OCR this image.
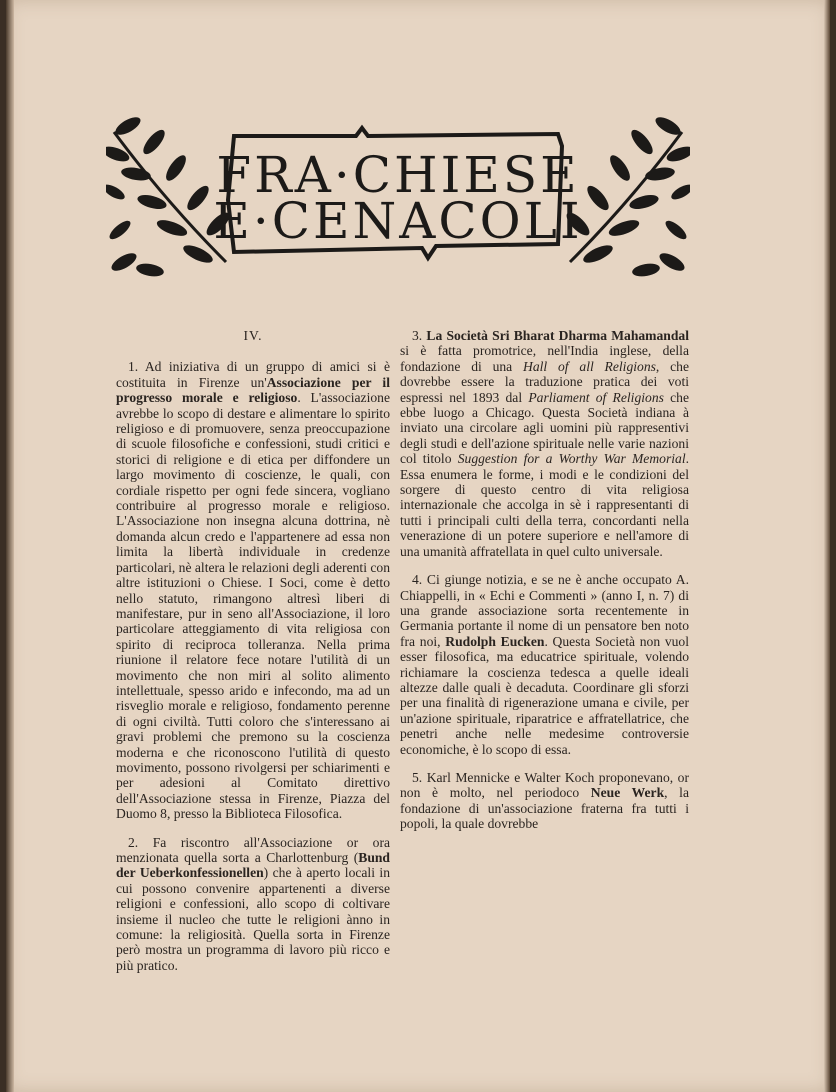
FRA·CHIESE
E·CENACOLI
IV.

1. Ad iniziativa di un gruppo di amici si è costituita in Firenze un'Associazione per il progresso morale e religioso. L'associazione avrebbe lo scopo di destare e alimentare lo spirito religioso e di promuovere, senza preoccupazione di scuole filosofiche e confessioni, studi critici e storici di religione e di etica per diffondere un largo movimento di coscienze, le quali, con cordiale rispetto per ogni fede sincera, vogliano contribuire al progresso morale e religioso. L'Associazione non insegna alcuna dottrina, nè domanda alcun credo e l'appartenere ad essa non limita la libertà individuale in credenze particolari, nè altera le relazioni degli aderenti con altre istituzioni o Chiese. I Soci, come è detto nello statuto, rimangono altresì liberi di manifestare, pur in seno all'Associazione, il loro particolare atteggiamento di vita religiosa con spirito di reciproca tolleranza. Nella prima riunione il relatore fece notare l'utilità di un movimento che non miri al solito alimento intellettuale, spesso arido e infecondo, ma ad un risveglio morale e religioso, fondamento perenne di ogni civiltà. Tutti coloro che s'interessano ai gravi problemi che premono su la coscienza moderna e che riconoscono l'utilità di questo movimento, possono rivolgersi per schiarimenti e per adesioni al Comitato direttivo dell'Associazione stessa in Firenze, Piazza del Duomo 8, presso la Biblioteca Filosofica.

2. Fa riscontro all'Associazione or ora menzionata quella sorta a Charlottenburg (Bund der Ueberkonfessionellen) che à aperto locali in cui possono convenire appartenenti a diverse religioni e confessioni, allo scopo di coltivare insieme il nucleo che tutte le religioni ànno in comune: la religiosità. Quella sorta in Firenze però mostra un programma di lavoro più ricco e più pratico.

3. La Società Sri Bharat Dharma Mahamandal si è fatta promotrice, nell'India inglese, della fondazione di una Hall of all Religions, che dovrebbe essere la traduzione pratica dei voti espressi nel 1893 dal Parliament of Religions che ebbe luogo a Chicago. Questa Società indiana à inviato una circolare agli uomini più rappresentivi degli studi e dell'azione spirituale nelle varie nazioni col titolo Suggestion for a Worthy War Memorial. Essa enumera le forme, i modi e le condizioni del sorgere di questo centro di vita religiosa internazionale che accolga in sè i rappresentanti di tutti i principali culti della terra, concordanti nella venerazione di un potere superiore e nell'amore di una umanità affratellata in quel culto universale.

4. Ci giunge notizia, e se ne è anche occupato A. Chiappelli, in « Echi e Commenti » (anno I, n. 7) di una grande associazione sorta recentemente in Germania portante il nome di un pensatore ben noto fra noi, Rudolph Eucken. Questa Società non vuol esser filosofica, ma educatrice spirituale, volendo richiamare la coscienza tedesca a quelle ideali altezze dalle quali è decaduta. Coordinare gli sforzi per una finalità di rigenerazione umana e civile, per un'azione spirituale, riparatrice e affratellatrice, che penetri anche nelle medesime controversie economiche, è lo scopo di essa.

5. Karl Mennicke e Walter Koch proponevano, or non è molto, nel periodoco Neue Werk, la fondazione di un'associazione fraterna fra tutti i popoli, la quale dovrebbe
